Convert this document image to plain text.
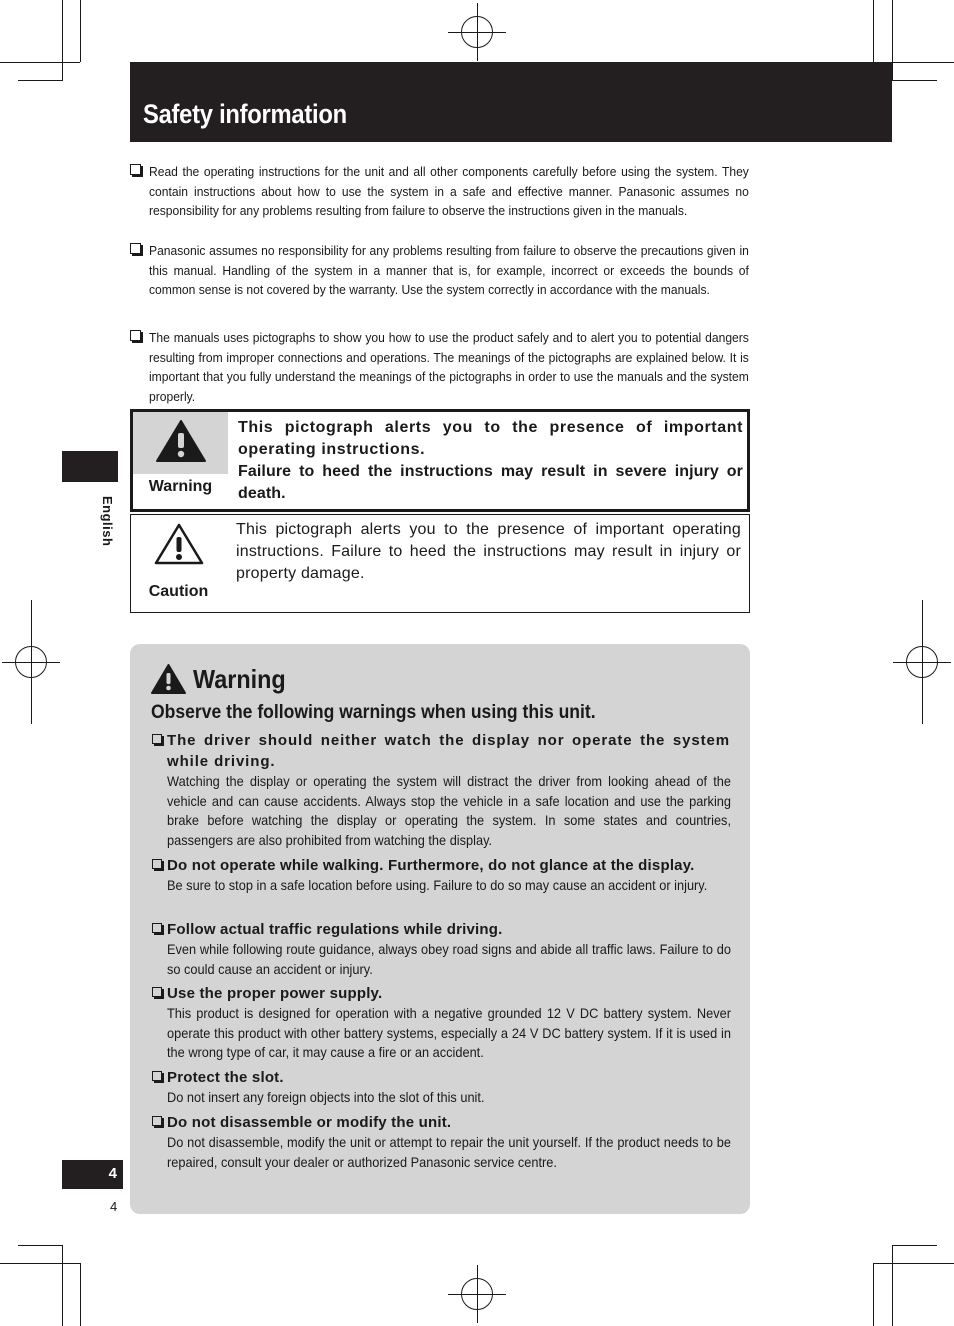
Safety information

Read the operating instructions for the unit and all other components carefully before using the system. They contain instructions about how to use the system in a safe and effective manner. Panasonic assumes no responsibility for any problems resulting from failure to observe the instructions given in the manuals.

Panasonic assumes no responsibility for any problems resulting from failure to observe the precautions given in this manual. Handling of the system in a manner that is, for example, incorrect or exceeds the bounds of common sense is not covered by the warranty. Use the system correctly in accordance with the manuals.

The manuals uses pictographs to show you how to use the product safely and to alert you to potential dangers resulting from improper connections and operations. The meanings of the pictographs are explained below. It is important that you fully understand the meanings of the pictographs in order to use the manuals and the system properly.

Warning
This pictograph alerts you to the presence of important operating instructions.
Failure to heed the instructions may result in severe injury or death.
Caution
This pictograph alerts you to the presence of important operating instructions. Failure to heed the instructions may result in injury or property damage.
English
Warning
Observe the following warnings when using this unit.

The driver should neither watch the display nor operate the system while driving.

Watching the display or operating the system will distract the driver from looking ahead of the vehicle and can cause accidents. Always stop the vehicle in a safe location and use the parking brake before watching the display or operating the system. In some states and countries, passengers are also prohibited from watching the display.

Do not operate while walking. Furthermore, do not glance at the display.

Be sure to stop in a safe location before using. Failure to do so may cause an accident or injury.

Follow actual traffic regulations while driving.

Even while following route guidance, always obey road signs and abide all traffic laws. Failure to do so could cause an accident or injury.

Use the proper power supply.

This product is designed for operation with a negative grounded 12 V DC battery system. Never operate this product with other battery systems, especially a 24 V DC battery system. If it is used in the wrong type of car, it may cause a fire or an accident.

Protect the slot.

Do not insert any foreign objects into the slot of this unit.

Do not disassemble or modify the unit.

Do not disassemble, modify the unit or attempt to repair the unit yourself. If the product needs to be repaired, consult your dealer or authorized Panasonic service centre.

4
4
